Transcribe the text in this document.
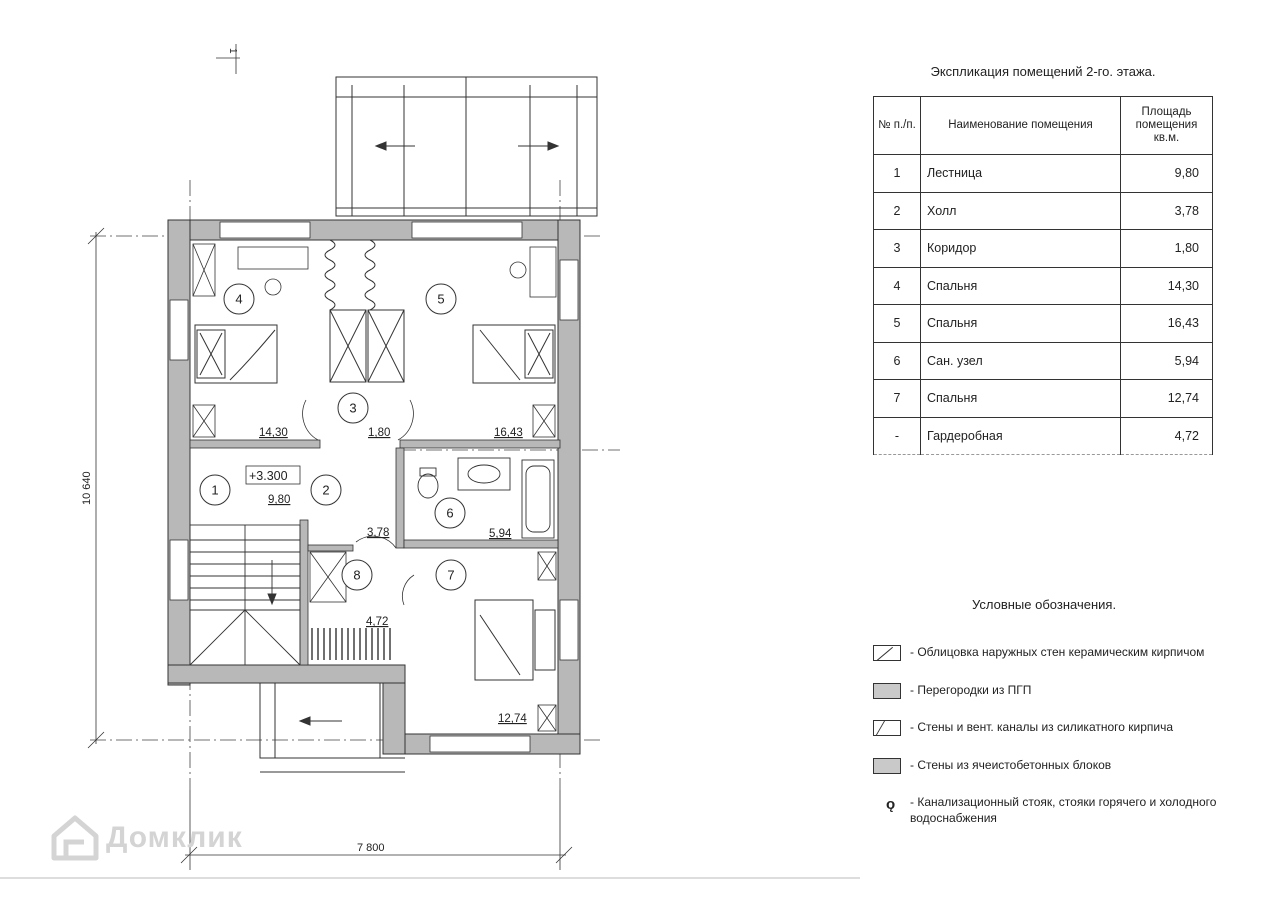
4	5
3
1	2
6
8	7
14,30	1,80	16,43
9,80
3,78	5,94
4,72
12,74
+3.300
10 640
7 800
1
Экспликация помещений 2-го. этажа.
№ п./п.	Наименование помещения	Площадь помещения кв.м.
1	Лестница	9,80
2	Холл	3,78
3	Коридор	1,80
4	Спальня	14,30
5	Спальня	16,43
6	Сан. узел	5,94
7	Спальня	12,74
-	Гардеробная	4,72
Условные обозначения.
- Облицовка наружных стен керамическим кирпичом
- Перегородки из ПГП
- Стены и вент. каналы из силикатного кирпича
- Стены из ячеистобетонных блоков
ǫ - Канализационный стояк, стояки горячего и холодного водоснабжения
Домклик
